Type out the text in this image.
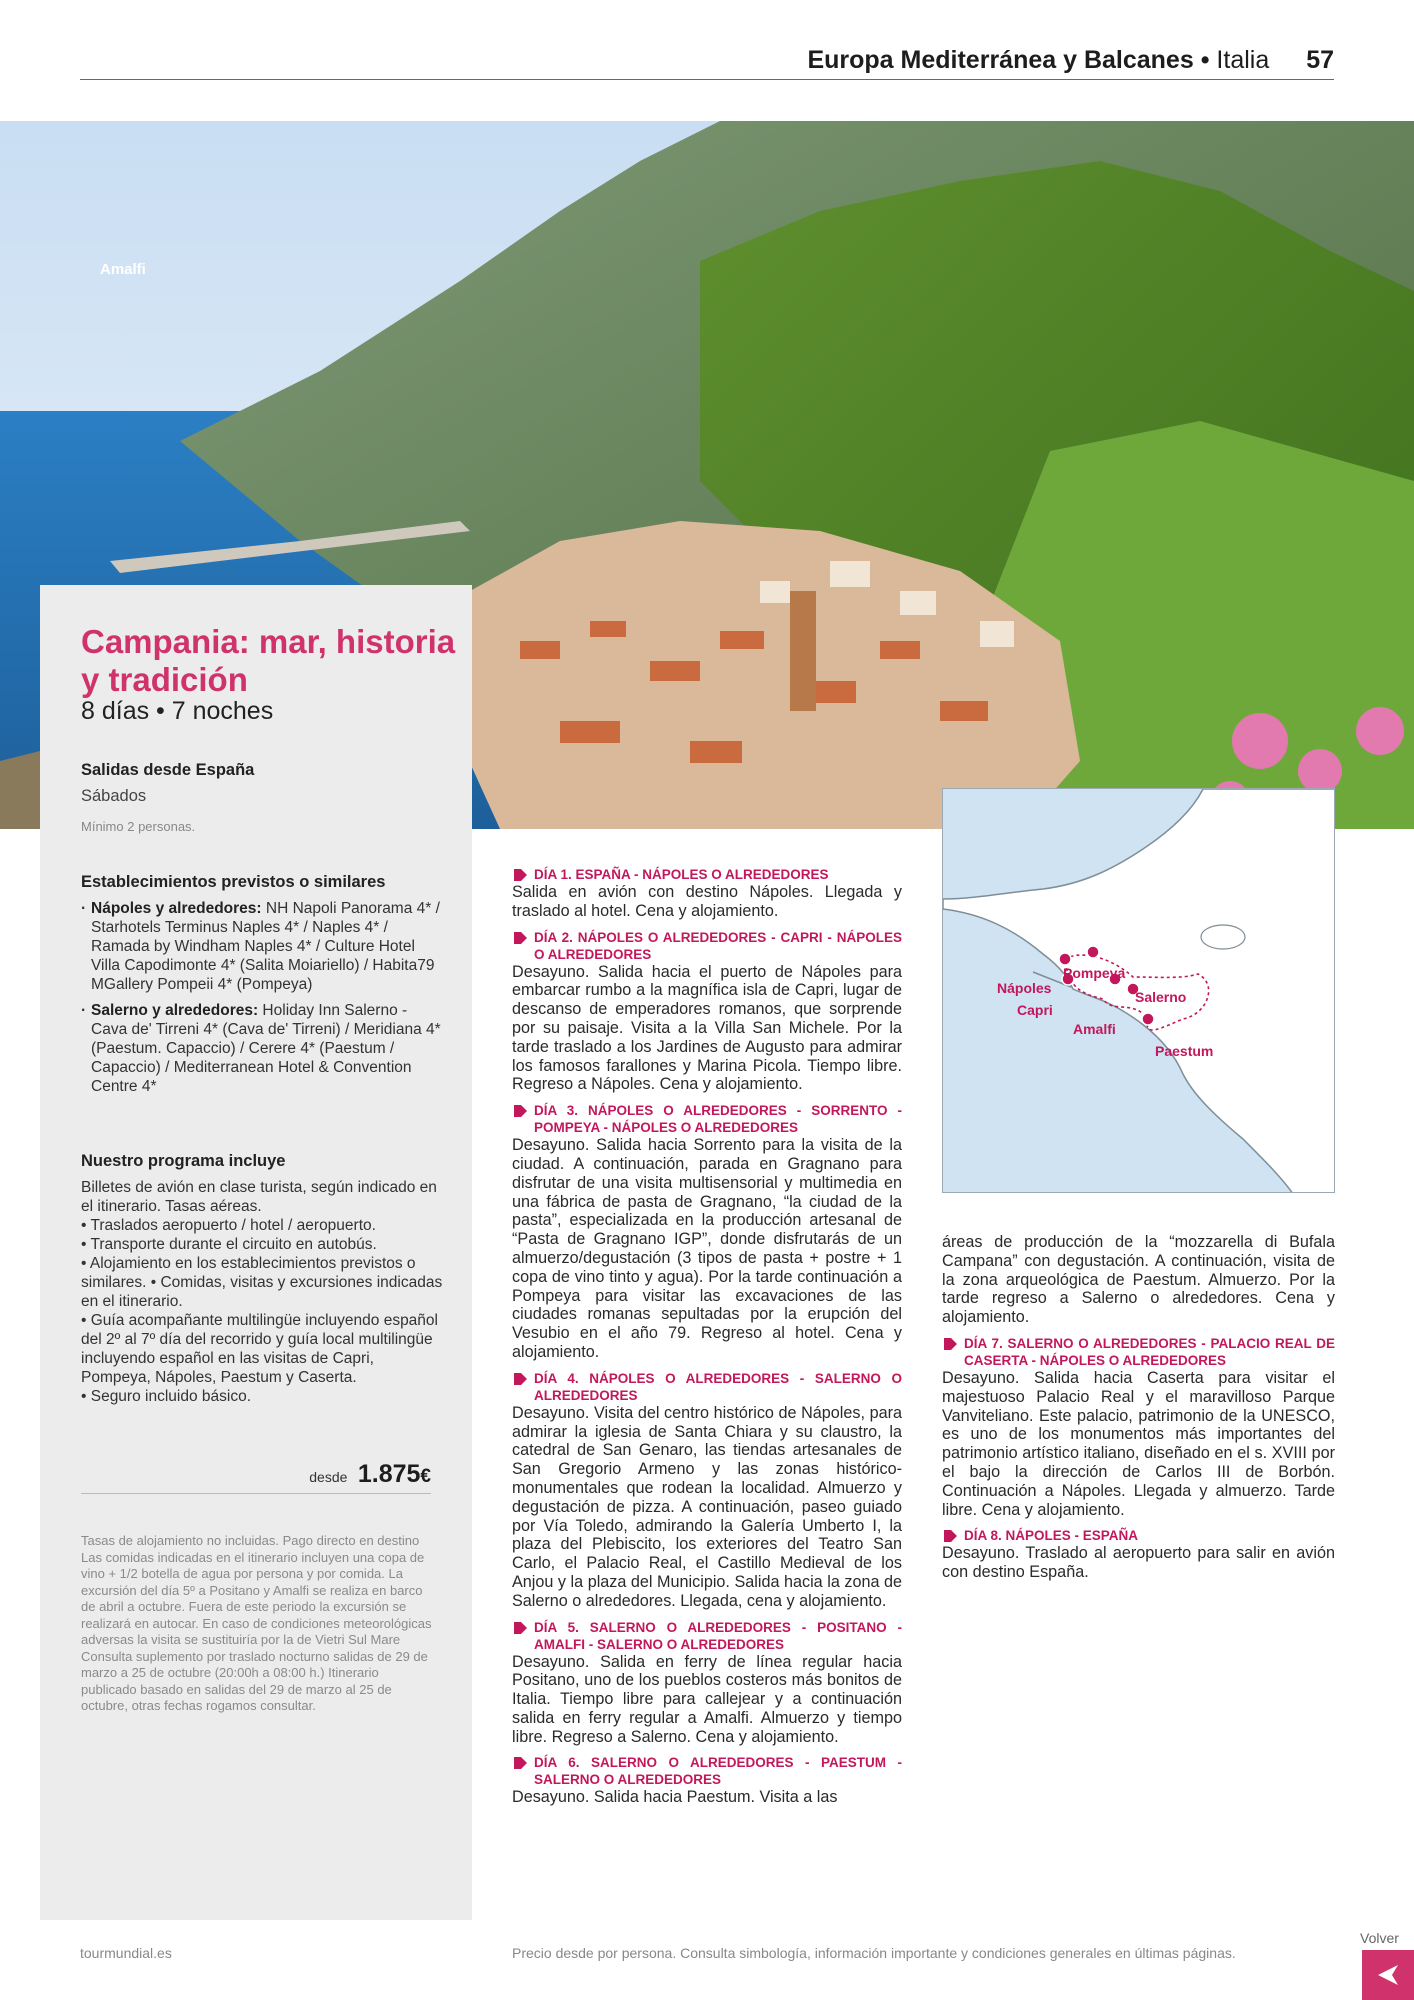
Europa Mediterránea y Balcanes • Italia 57
Amalfi
Campania: mar, historia y tradición
8 días • 7 noches
Salidas desde España
Sábados
Mínimo 2 personas.
Establecimientos previstos o similares
· Nápoles y alrededores: NH Napoli Panorama 4* / Starhotels Terminus Naples 4* / Naples 4* / Ramada by Windham Naples 4* / Culture Hotel Villa Capodimonte 4* (Salita Moiariello) / Habita79 MGallery Pompeii 4* (Pompeya)
· Salerno y alrededores: Holiday Inn Salerno - Cava de' Tirreni 4* (Cava de' Tirreni) / Meridiana 4* (Paestum. Capaccio) / Cerere 4* (Paestum / Capaccio) / Mediterranean Hotel & Convention Centre 4*
Nuestro programa incluye
Billetes de avión en clase turista, según indicado en el itinerario. Tasas aéreas.
• Traslados aeropuerto / hotel / aeropuerto.
• Transporte durante el circuito en autobús.
• Alojamiento en los establecimientos previstos o similares. • Comidas, visitas y excursiones indicadas en el itinerario.
• Guía acompañante multilingüe incluyendo español del 2º al 7º día del recorrido y guía local multilingüe incluyendo español en las visitas de Capri, Pompeya, Nápoles, Paestum y Caserta.
• Seguro incluido básico.
desde 1.875€
Tasas de alojamiento no incluidas. Pago directo en destino Las comidas indicadas en el itinerario incluyen una copa de vino + 1/2 botella de agua por persona y por comida. La excursión del día 5º a Positano y Amalfi se realiza en barco de abril a octubre. Fuera de este periodo la excursión se realizará en autocar. En caso de condiciones meteorológicas adversas la visita se sustituiría por la de Vietri Sul Mare Consulta suplemento por traslado nocturno salidas de 29 de marzo a 25 de octubre (20:00h a 08:00 h.) Itinerario publicado basado en salidas del 29 de marzo al 25 de octubre, otras fechas rogamos consultar.
DÍA 1. ESPAÑA - NÁPOLES O ALREDEDORES
Salida en avión con destino Nápoles. Llegada y traslado al hotel. Cena y alojamiento.
DÍA 2. NÁPOLES O ALREDEDORES - CAPRI - NÁPOLES O ALREDEDORES
Desayuno. Salida hacia el puerto de Nápoles para embarcar rumbo a la magnífica isla de Capri, lugar de descanso de emperadores romanos, que sorprende por su paisaje. Visita a la Villa San Michele. Por la tarde traslado a los Jardines de Augusto para admirar los famosos farallones y Marina Picola. Tiempo libre. Regreso a Nápoles. Cena y alojamiento.
DÍA 3. NÁPOLES O ALREDEDORES - SORRENTO - POMPEYA - NÁPOLES O ALREDEDORES
Desayuno. Salida hacia Sorrento para la visita de la ciudad. A continuación, parada en Gragnano para disfrutar de una visita multisensorial y multimedia en una fábrica de pasta de Gragnano, “la ciudad de la pasta”, especializada en la producción artesanal de “Pasta de Gragnano IGP”, donde disfrutarás de un almuerzo/degustación (3 tipos de pasta + postre + 1 copa de vino tinto y agua). Por la tarde continuación a Pompeya para visitar las excavaciones de las ciudades romanas sepultadas por la erupción del Vesubio en el año 79. Regreso al hotel. Cena y alojamiento.
DÍA 4. NÁPOLES O ALREDEDORES - SALERNO O ALREDEDORES
Desayuno. Visita del centro histórico de Nápoles, para admirar la iglesia de Santa Chiara y su claustro, la catedral de San Genaro, las tiendas artesanales de San Gregorio Armeno y las zonas histórico-monumentales que rodean la localidad. Almuerzo y degustación de pizza. A continuación, paseo guiado por Vía Toledo, admirando la Galería Umberto I, la plaza del Plebiscito, los exteriores del Teatro San Carlo, el Palacio Real, el Castillo Medieval de los Anjou y la plaza del Municipio. Salida hacia la zona de Salerno o alrededores. Llegada, cena y alojamiento.
DÍA 5. SALERNO O ALREDEDORES - POSITANO - AMALFI - SALERNO O ALREDEDORES
Desayuno. Salida en ferry de línea regular hacia Positano, uno de los pueblos costeros más bonitos de Italia. Tiempo libre para callejear y a continuación salida en ferry regular a Amalfi. Almuerzo y tiempo libre. Regreso a Salerno. Cena y alojamiento.
DÍA 6. SALERNO O ALREDEDORES - PAESTUM - SALERNO O ALREDEDORES
Desayuno. Salida hacia Paestum. Visita a las
Nápoles
Pompeya
Salerno
Capri
Amalfi
Paestum
áreas de producción de la “mozzarella di Bufala Campana” con degustación. A continuación, visita de la zona arqueológica de Paestum. Almuerzo. Por la tarde regreso a Salerno o alrededores. Cena y alojamiento.
DÍA 7. SALERNO O ALREDEDORES - PALACIO REAL DE CASERTA - NÁPOLES O ALREDEDORES
Desayuno. Salida hacia Caserta para visitar el majestuoso Palacio Real y el maravilloso Parque Vanviteliano. Este palacio, patrimonio de la UNESCO, es uno de los monumentos más importantes del patrimonio artístico italiano, diseñado en el s. XVIII por el bajo la dirección de Carlos III de Borbón. Continuación a Nápoles. Llegada y almuerzo. Tarde libre. Cena y alojamiento.
DÍA 8. NÁPOLES - ESPAÑA
Desayuno. Traslado al aeropuerto para salir en avión con destino España.
tourmundial.es	Precio desde por persona. Consulta simbología, información importante y condiciones generales en últimas páginas.
Volver
